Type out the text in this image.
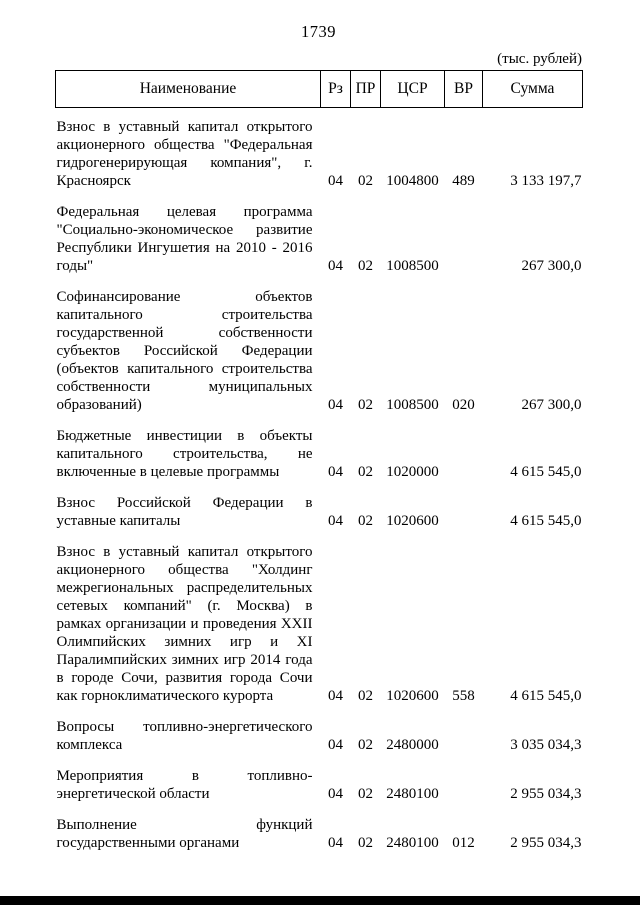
1739
(тыс. рублей)
Наименование	Рз	ПР	ЦСР	ВР	Сумма
Взнос в уставный капитал открытого акционерного общества "Федеральная гидрогенерирующая компания", г. Красноярск	04	02	1004800	489	3 133 197,7
Федеральная целевая программа "Социально-экономическое развитие Республики Ингушетия на 2010 - 2016 годы"	04	02	1008500		267 300,0
Софинансирование объектов капитального строительства государственной собственности субъектов Российской Федерации (объектов капитального строительства собственности муниципальных образований)	04	02	1008500	020	267 300,0
Бюджетные инвестиции в объекты капитального строительства, не включенные в целевые программы	04	02	1020000		4 615 545,0
Взнос Российской Федерации в уставные капиталы	04	02	1020600		4 615 545,0
Взнос в уставный капитал открытого акционерного общества "Холдинг межрегиональных распределительных сетевых компаний" (г. Москва) в рамках организации и проведения XXII Олимпийских зимних игр и XI Паралимпийских зимних игр 2014 года в городе Сочи, развития города Сочи как горноклиматического курорта	04	02	1020600	558	4 615 545,0
Вопросы топливно-энергетического комплекса	04	02	2480000		3 035 034,3
Мероприятия в топливно-энергетической области	04	02	2480100		2 955 034,3
Выполнение функций государственными органами	04	02	2480100	012	2 955 034,3
